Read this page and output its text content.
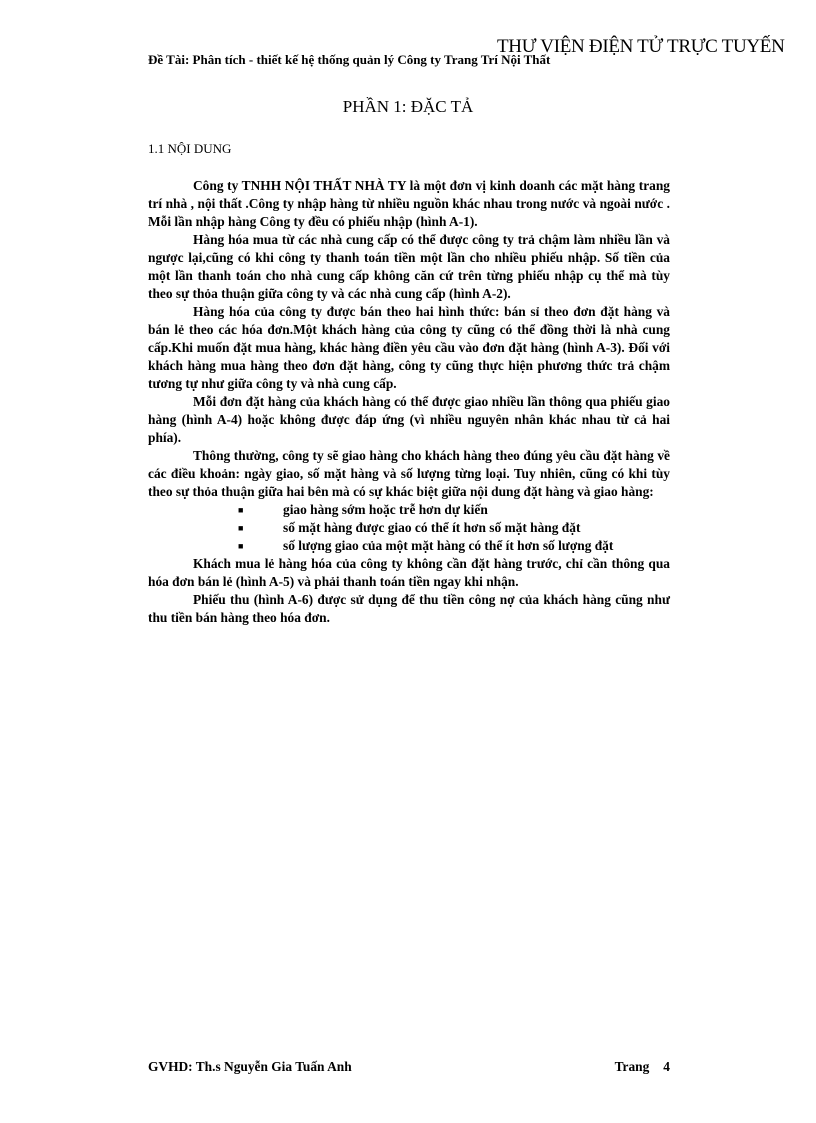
THƯ VIỆN ĐIỆN TỬ TRỰC TUYẾN
Đề Tài: Phân tích - thiết kế hệ thống quản lý Công ty Trang Trí Nội Thất
PHẦN 1: ĐẶC TẢ
1.1 NỘI DUNG

Công ty TNHH NỘI THẤT NHÀ TY là một đơn vị kinh doanh các mặt hàng trang trí nhà , nội thất .Công ty nhập hàng từ nhiều nguồn khác nhau trong nước và ngoài nước . Mỗi lần nhập hàng Công ty đều có phiếu nhập (hình A-1).

Hàng hóa mua từ các nhà cung cấp có thể được công ty trả chậm làm nhiều lần và ngược lại,cũng có khi công ty thanh toán tiền một lần cho nhiều phiếu nhập. Số tiền của một lần thanh toán cho nhà cung cấp không căn cứ trên từng phiếu nhập cụ thể mà tùy theo sự thỏa thuận giữa công ty và các nhà cung cấp (hình A-2).

Hàng hóa của công ty được bán theo hai hình thức: bán sỉ theo đơn đặt hàng và bán lẻ theo các hóa đơn.Một khách hàng của công ty cũng có thể đồng thời là nhà cung cấp.Khi muốn đặt mua hàng, khác hàng điền yêu cầu vào đơn đặt hàng (hình A-3). Đối với khách hàng mua hàng theo đơn đặt hàng, công ty cũng thực hiện phương thức trả chậm tương tự như giữa công ty và nhà cung cấp.

Mỗi đơn đặt hàng của khách hàng có thể được giao nhiều lần thông qua phiếu giao hàng (hình A-4) hoặc không được đáp ứng (vì nhiều nguyên nhân khác nhau từ cả hai phía).

Thông thường, công ty sẽ giao hàng cho khách hàng theo đúng yêu cầu đặt hàng về các điều khoản: ngày giao, số mặt hàng và số lượng từng loại. Tuy nhiên, cũng có khi tùy theo sự thỏa thuận giữa hai bên mà có sự khác biệt giữa nội dung đặt hàng và giao hàng:

■	giao hàng sớm hoặc trễ hơn dự kiến
■	số mặt hàng được giao có thể ít hơn số mặt hàng đặt
■	số lượng giao của một mặt hàng có thể ít hơn số lượng đặt

Khách mua lẻ hàng hóa của công ty không cần đặt hàng trước, chỉ cần thông qua hóa đơn bán lẻ (hình A-5) và phải thanh toán tiền ngay khi nhận.

Phiếu thu (hình A-6) được sử dụng để thu tiền công nợ của khách hàng cũng như thu tiền bán hàng theo hóa đơn.

GVHD: Th.s Nguyễn Gia Tuấn Anh	Trang 4
